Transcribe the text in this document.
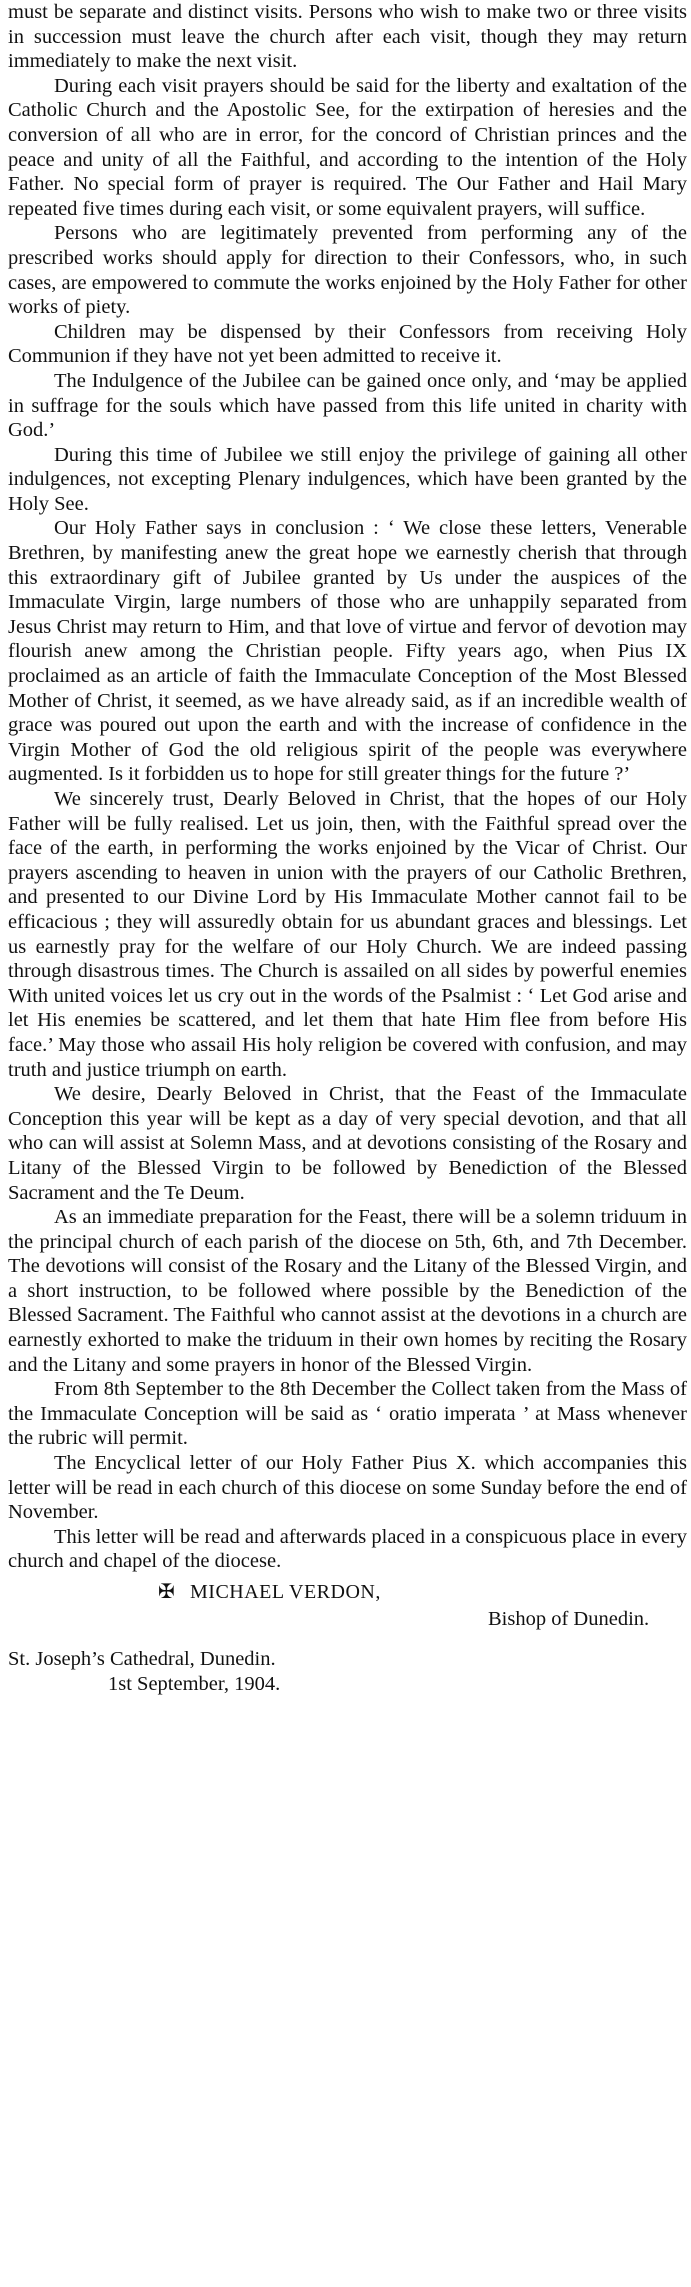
must be separate and distinct visits. Persons who wish to make two or three visits in succession must leave the church after each visit, though they may return immediately to make the next visit.

During each visit prayers should be said for the liberty and exaltation of the Catholic Church and the Apostolic See, for the extirpation of heresies and the conversion of all who are in error, for the concord of Christian princes and the peace and unity of all the Faithful, and according to the intention of the Holy Father. No special form of prayer is required. The Our Father and Hail Mary repeated five times during each visit, or some equivalent prayers, will suffice.

Persons who are legitimately prevented from performing any of the prescribed works should apply for direction to their Confessors, who, in such cases, are empowered to commute the works enjoined by the Holy Father for other works of piety.

Children may be dispensed by their Confessors from receiving Holy Communion if they have not yet been admitted to receive it.

The Indulgence of the Jubilee can be gained once only, and ‘may be applied in suffrage for the souls which have passed from this life united in charity with God.’

During this time of Jubilee we still enjoy the privilege of gaining all other indulgences, not excepting Plenary indulgences, which have been granted by the Holy See.

Our Holy Father says in conclusion : ‘ We close these letters, Venerable Brethren, by manifesting anew the great hope we earnestly cherish that through this extraordinary gift of Jubilee granted by Us under the auspices of the Immaculate Virgin, large numbers of those who are unhappily separated from Jesus Christ may return to Him, and that love of virtue and fervor of devotion may flourish anew among the Christian people. Fifty years ago, when Pius IX proclaimed as an article of faith the Immaculate Conception of the Most Blessed Mother of Christ, it seemed, as we have already said, as if an incredible wealth of grace was poured out upon the earth and with the increase of confidence in the Virgin Mother of God the old religious spirit of the people was everywhere augmented. Is it forbidden us to hope for still greater things for the future ?’

We sincerely trust, Dearly Beloved in Christ, that the hopes of our Holy Father will be fully realised. Let us join, then, with the Faithful spread over the face of the earth, in performing the works enjoined by the Vicar of Christ. Our prayers ascending to heaven in union with the prayers of our Catholic Brethren, and presented to our Divine Lord by His Immaculate Mother cannot fail to be efficacious ; they will assuredly obtain for us abundant graces and blessings. Let us earnestly pray for the welfare of our Holy Church. We are indeed passing through disastrous times. The Church is assailed on all sides by powerful enemies With united voices let us cry out in the words of the Psalmist : ‘ Let God arise and let His enemies be scattered, and let them that hate Him flee from before His face.’ May those who assail His holy religion be covered with confusion, and may truth and justice triumph on earth.

We desire, Dearly Beloved in Christ, that the Feast of the Immaculate Conception this year will be kept as a day of very special devotion, and that all who can will assist at Solemn Mass, and at devotions consisting of the Rosary and Litany of the Blessed Virgin to be followed by Benediction of the Blessed Sacrament and the Te Deum.

As an immediate preparation for the Feast, there will be a solemn triduum in the principal church of each parish of the diocese on 5th, 6th, and 7th December. The devotions will consist of the Rosary and the Litany of the Blessed Virgin, and a short instruction, to be followed where possible by the Benediction of the Blessed Sacrament. The Faithful who cannot assist at the devotions in a church are earnestly exhorted to make the triduum in their own homes by reciting the Rosary and the Litany and some prayers in honor of the Blessed Virgin.

From 8th September to the 8th December the Collect taken from the Mass of the Immaculate Conception will be said as ‘ oratio imperata ’ at Mass whenever the rubric will permit.

The Encyclical letter of our Holy Father Pius X. which accompanies this letter will be read in each church of this diocese on some Sunday before the end of November.

This letter will be read and afterwards placed in a conspicuous place in every church and chapel of the diocese.

✠ MICHAEL VERDON,
Bishop of Dunedin.
St. Joseph’s Cathedral, Dunedin.
1st September, 1904.
